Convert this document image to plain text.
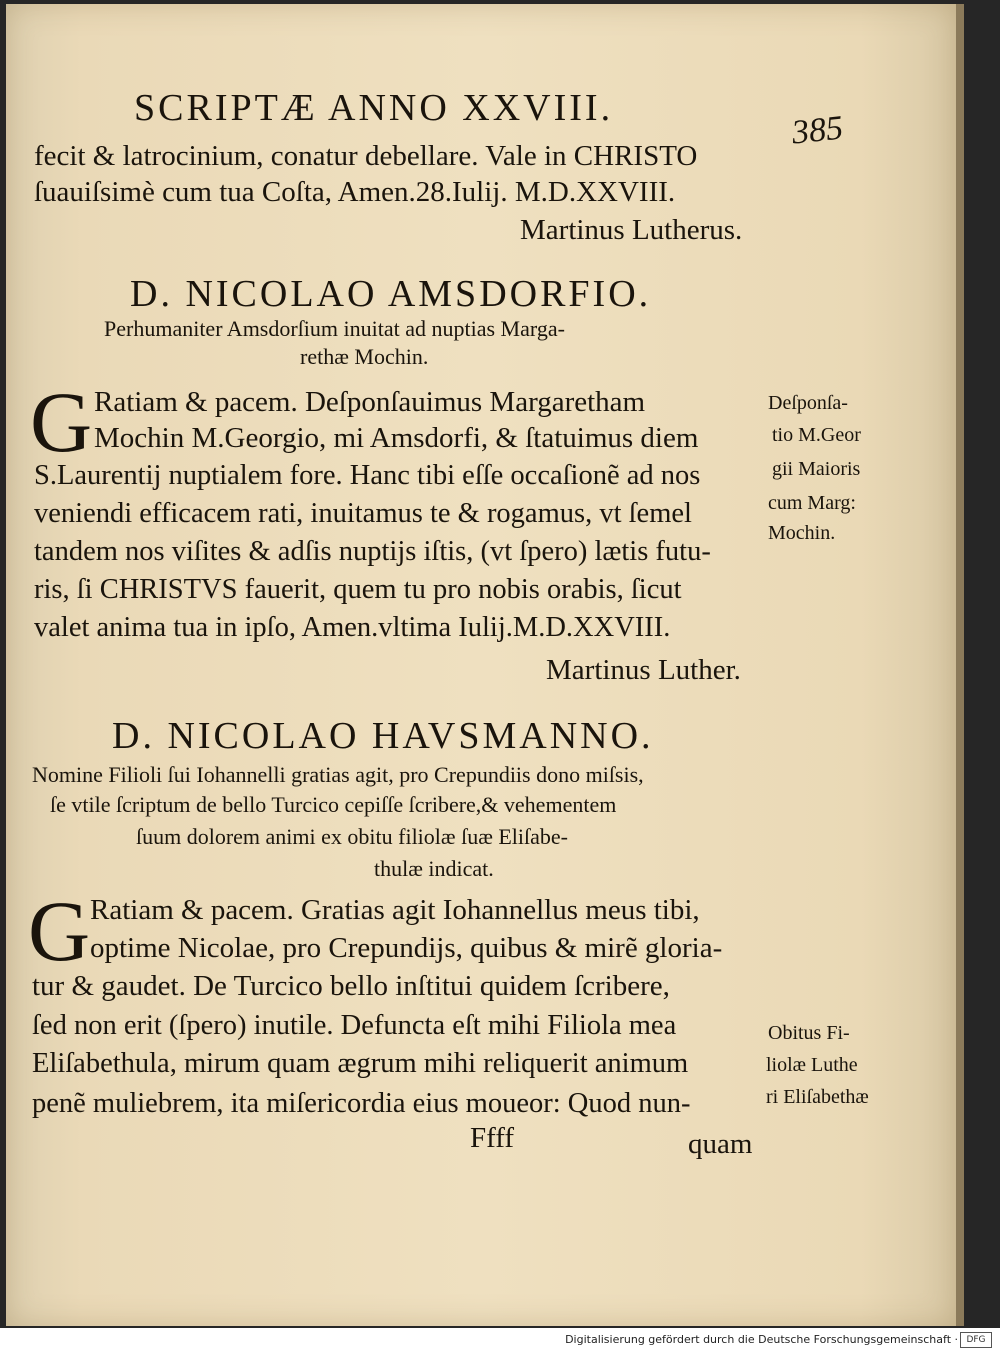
SCRIPTÆ ANNO XXVIII.
385
fecit & latrocinium, conatur debellare. Vale in CHRISTO
ſuauiſsimè cum tua Coſta, Amen.28.Iulij. M.D.XXVIII.
Martinus Lutherus.
D. NICOLAO AMSDORFIO.
Perhumaniter Amsdorſium inuitat ad nuptias Marga-
rethæ Mochin.
G Ratiam & pacem. Deſponſauimus Margaretham
Mochin M.Georgio, mi Amsdorfi, & ſtatuimus diem
S.Laurentij nuptialem fore. Hanc tibi eſſe occaſionẽ ad nos
veniendi efficacem rati, inuitamus te & rogamus, vt ſemel
tandem nos viſites & adſis nuptijs iſtis, (vt ſpero) lætis futu-
ris, ſi CHRISTVS fauerit, quem tu pro nobis orabis, ſicut
valet anima tua in ipſo, Amen.vltima Iulij.M.D.XXVIII.
Martinus Luther.
Deſponſa-
tio M.Geor
gii Maioris
cum Marg:
Mochin.
D. NICOLAO HAVSMANNO.
Nomine Filioli ſui Iohannelli gratias agit, pro Crepundiis dono miſsis,
ſe vtile ſcriptum de bello Turcico cepiſſe ſcribere,& vehementem
ſuum dolorem animi ex obitu filiolæ ſuæ Eliſabe-
thulæ indicat.
G Ratiam & pacem. Gratias agit Iohannellus meus tibi,
optime Nicolae, pro Crepundijs, quibus & mirẽ gloria-
tur & gaudet. De Turcico bello inſtitui quidem ſcribere,
ſed non erit (ſpero) inutile. Defuncta eſt mihi Filiola mea
Eliſabethula, mirum quam ægrum mihi reliquerit animum
penẽ muliebrem, ita miſericordia eius moueor: Quod nun-
Obitus Fi-
liolæ Luthe
ri Eliſabethæ
Ffff	quam
Digitalisierung gefördert durch die Deutsche Forschungsgemeinschaft · DFG
